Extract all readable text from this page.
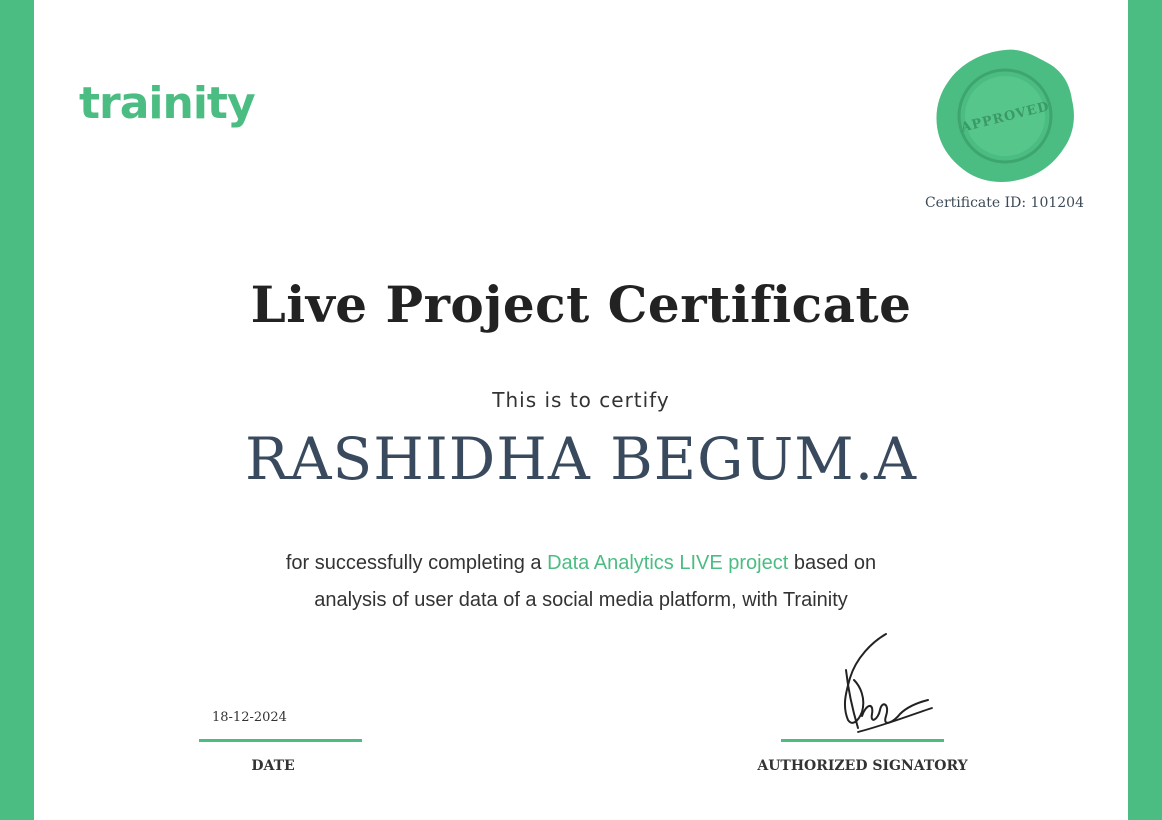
trainity	APPROVED
Certificate ID: 101204
Live Project Certificate
This is to certify
RASHIDHA BEGUM.A
for successfully completing a Data Analytics LIVE project based on
analysis of user data of a social media platform, with Trainity
18-12-2024
DATE	AUTHORIZED SIGNATORY
